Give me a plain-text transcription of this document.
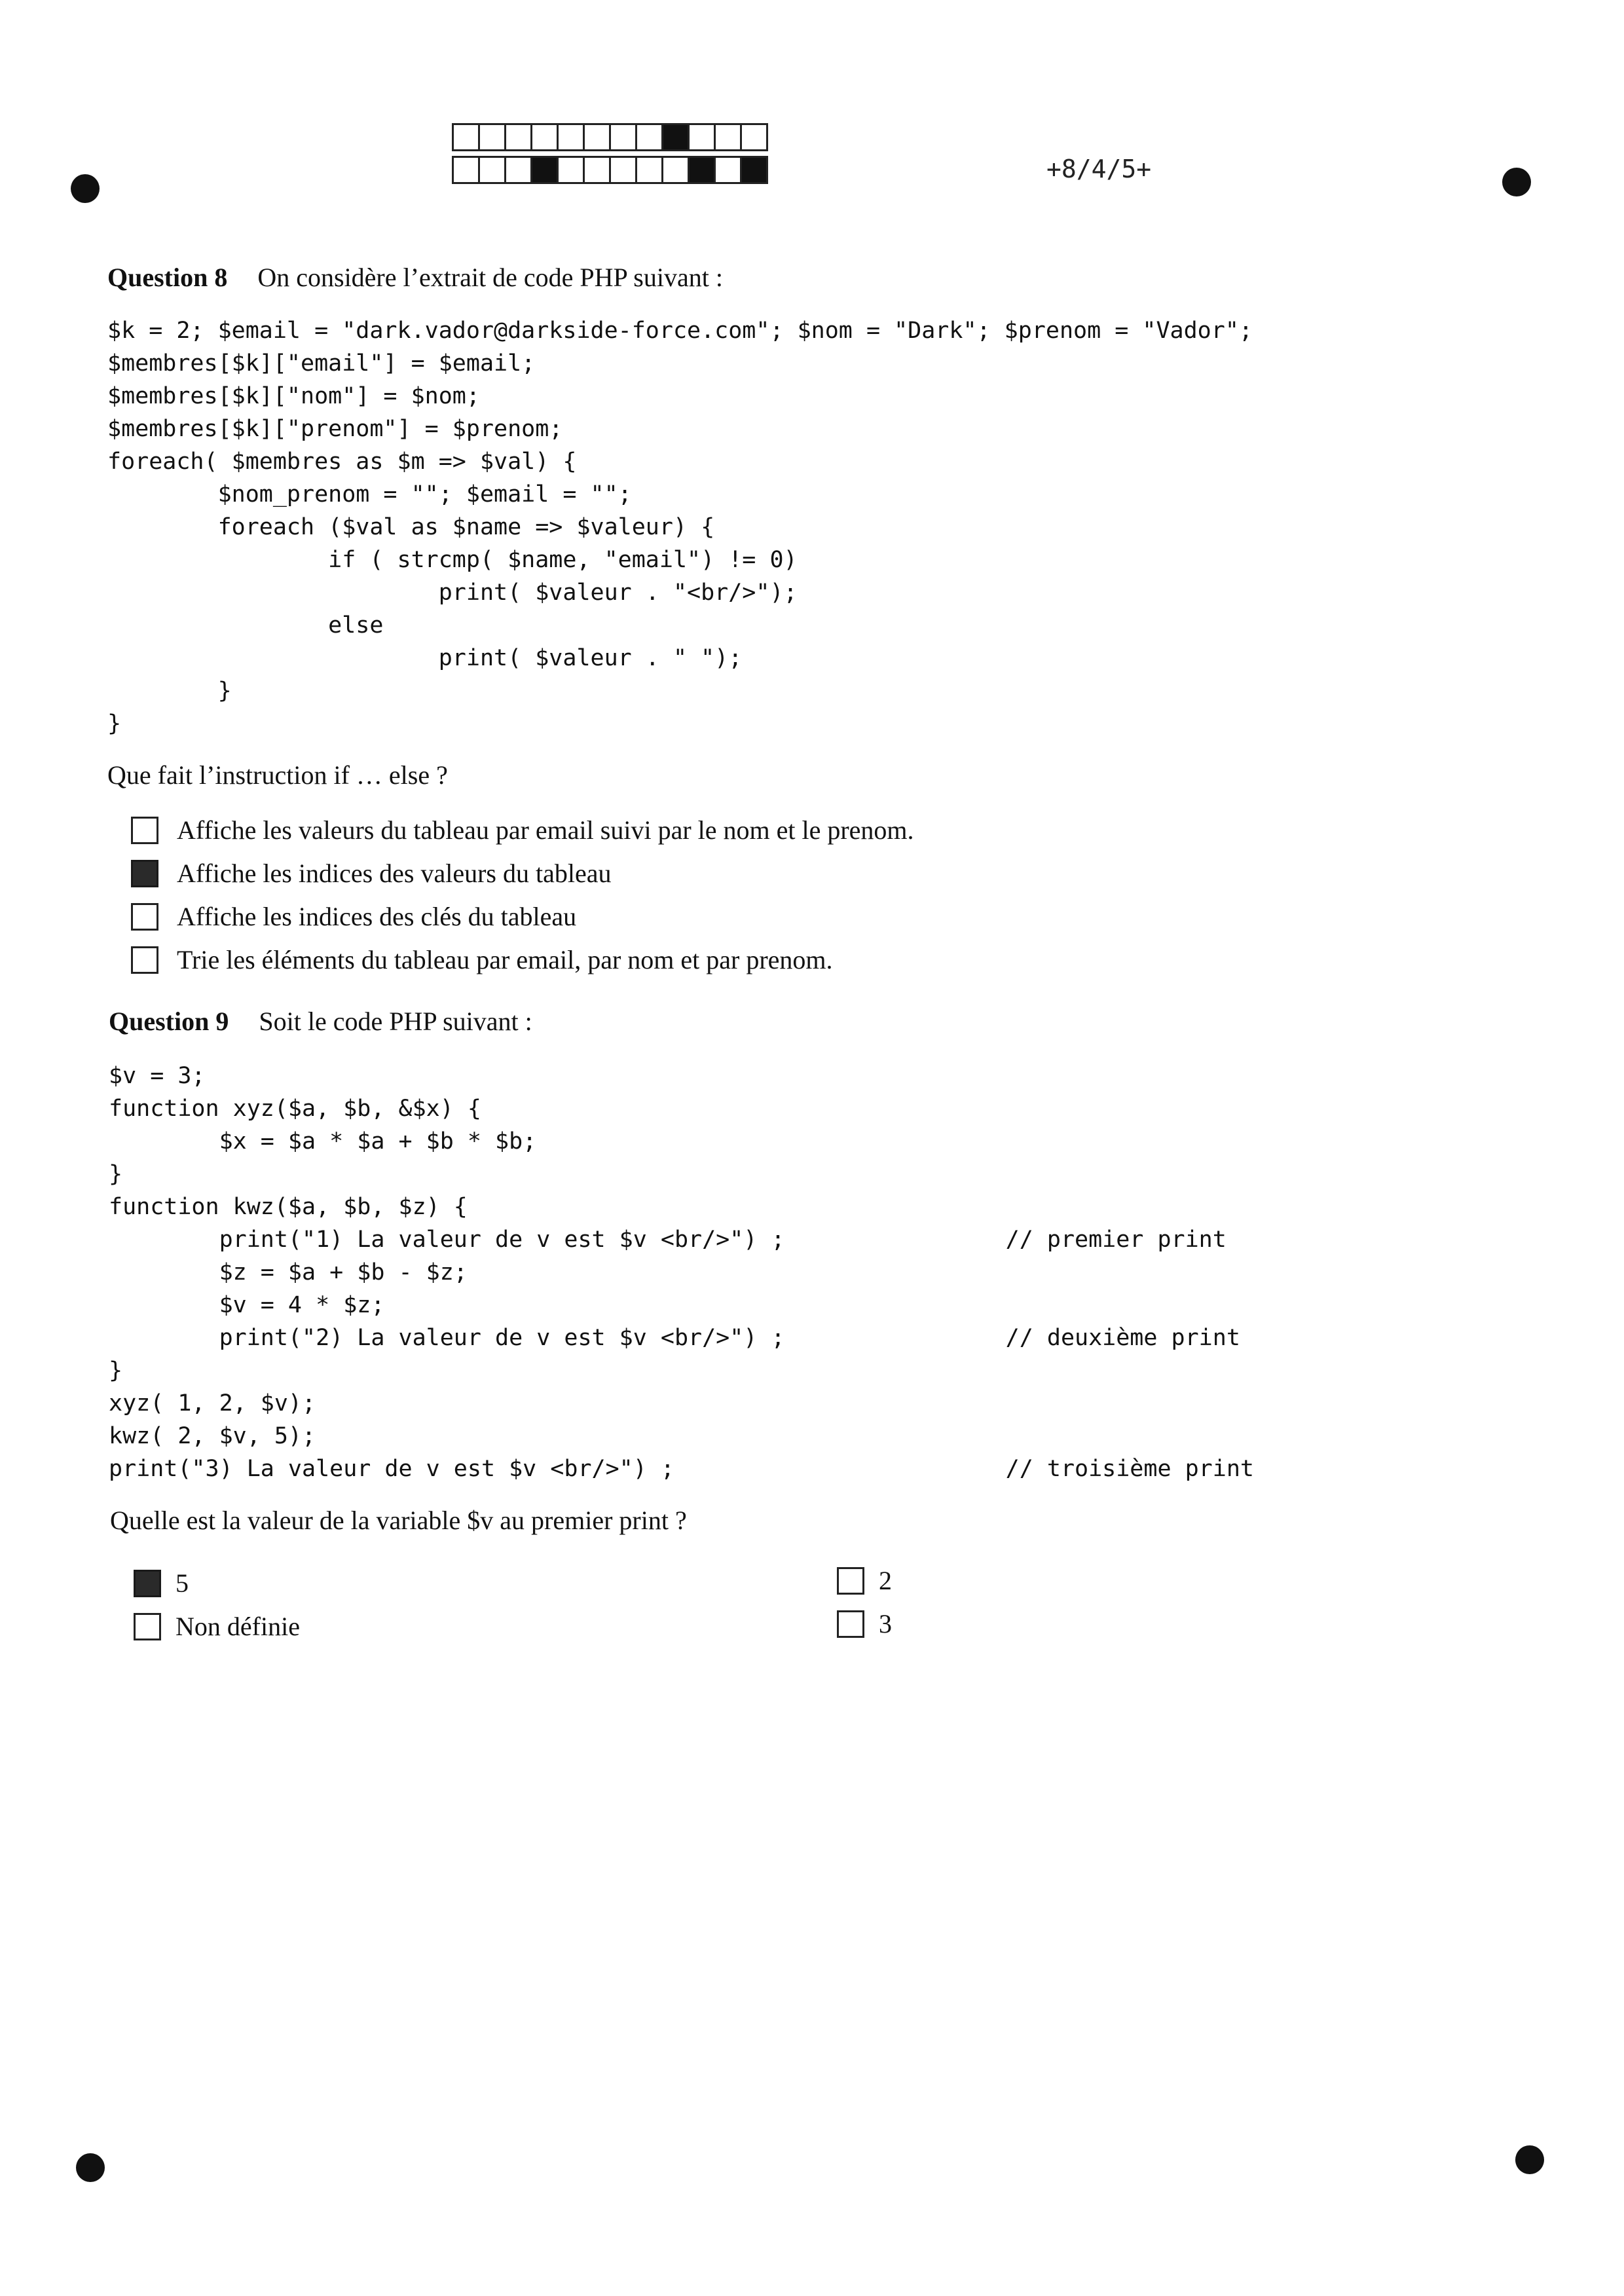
+8/4/5+
Question 8 On considère l’extrait de code PHP suivant :
$k = 2; $email = "dark.vador@darkside-force.com"; $nom = "Dark"; $prenom = "Vador";
$membres[$k]["email"] = $email;
$membres[$k]["nom"] = $nom;
$membres[$k]["prenom"] = $prenom;
foreach( $membres as $m => $val) {
$nom_prenom = ""; $email = "";
foreach ($val as $name => $valeur) {
if ( strcmp( $name, "email") != 0)
print( $valeur . "<br/>");
else
print( $valeur . " ");
}
}
Que fait l’instruction if … else ?
Affiche les valeurs du tableau par email suivi par le nom et le prenom.
Affiche les indices des valeurs du tableau
Affiche les indices des clés du tableau
Trie les éléments du tableau par email, par nom et par prenom.
Question 9 Soit le code PHP suivant :
$v = 3;
function xyz($a, $b, &$x) {
$x = $a * $a + $b * $b;
}
function kwz($a, $b, $z) {
print("1) La valeur de v est $v <br/>") ;                // premier print
$z = $a + $b - $z;
$v = 4 * $z;
print("2) La valeur de v est $v <br/>") ;                // deuxième print
}
xyz( 1, 2, $v);
kwz( 2, $v, 5);
print("3) La valeur de v est $v <br/>") ;                        // troisième print
Quelle est la valeur de la variable $v au premier print ?
5
Non définie
2
3
